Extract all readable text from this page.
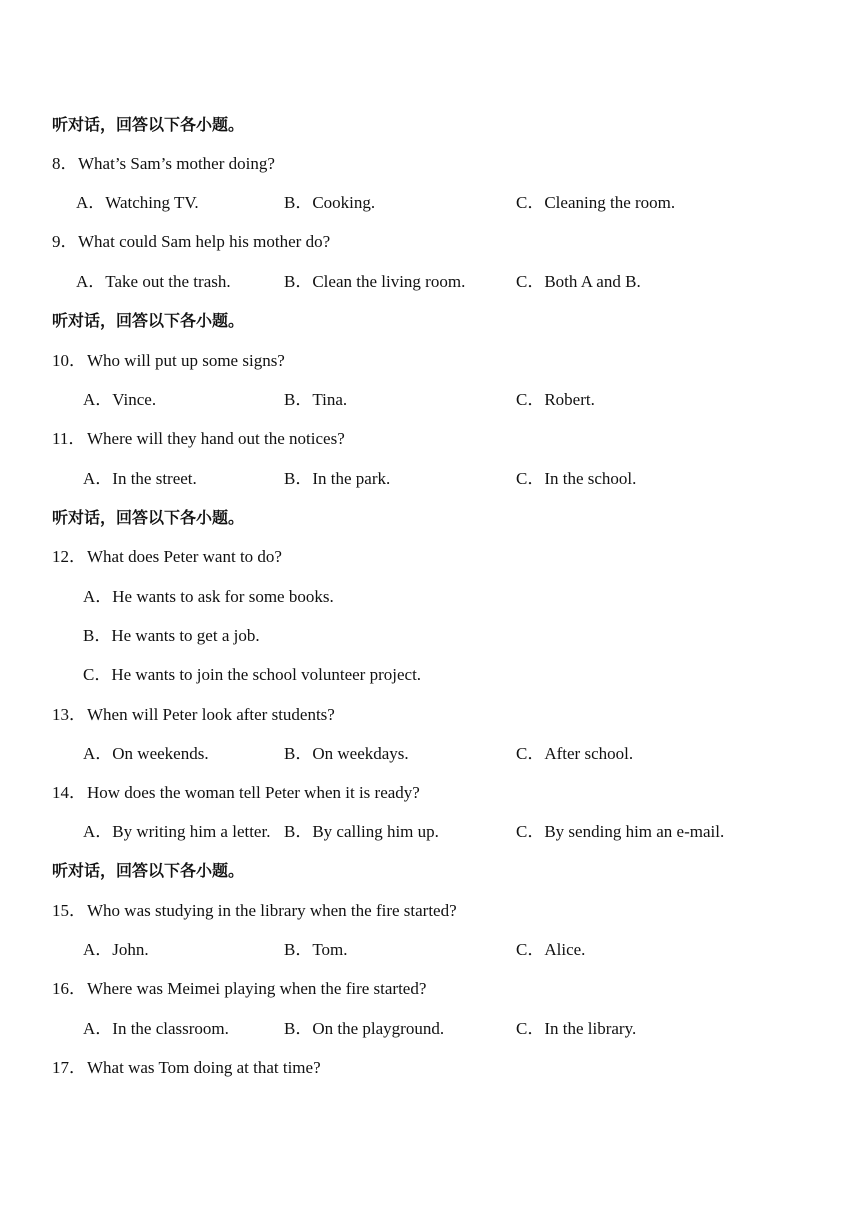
听对话，回答以下各小题。
8． What’s Sam’s mother doing?
A．Watching TV.	B．Cooking.	C．Cleaning the room.
9． What could Sam help his mother do?
A．Take out the trash.	B．Clean the living room.	C．Both A and B.
听对话，回答以下各小题。
10． Who will put up some signs?
A．Vince.	B．Tina.	C．Robert.
11． Where will they hand out the notices?
A．In the street.	B．In the park.	C．In the school.
听对话，回答以下各小题。
12． What does Peter want to do?
A．He wants to ask for some books.
B．He wants to get a job.
C．He wants to join the school volunteer project.
13． When will Peter look after students?
A．On weekends.	B．On weekdays.	C．After school.
14． How does the woman tell Peter when it is ready?
A．By writing him a letter. B．By calling him up.	C．By sending him an e-mail.
听对话，回答以下各小题。
15． Who was studying in the library when the fire started?
A．John.	B．Tom.	C．Alice.
16． Where was Meimei playing when the fire started?
A．In the classroom.	B．On the playground.	C．In the library.
17． What was Tom doing at that time?
